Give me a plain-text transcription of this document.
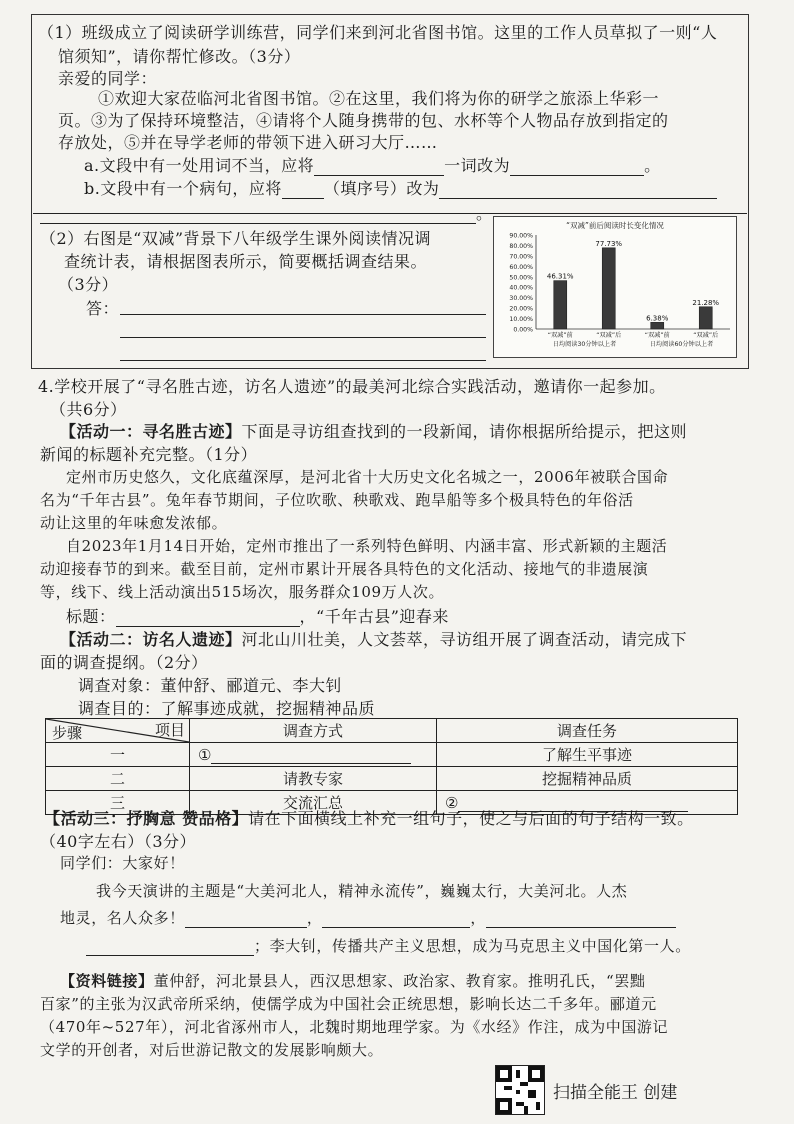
（1）班级成立了阅读研学训练营，同学们来到河北省图书馆。这里的工作人员草拟了一则“人
馆须知”，请你帮忙修改。（3分）
亲爱的同学：
①欢迎大家莅临河北省图书馆。②在这里，我们将为你的研学之旅添上华彩一
页。③为了保持环境整洁，④请将个人随身携带的包、水杯等个人物品存放到指定的
存放处，⑤并在导学老师的带领下进入研习大厅……
a.文段中有一处用词不当，应将	一词改为	。
b.文段中有一个病句，应将	（填序号）改为
。
（2）右图是“双减”背景下八年级学生课外阅读情况调
查统计表，请根据图表所示，简要概括调查结果。
（3分）
答：
“双减”前后阅读时长变化情况
0.00%
10.00%
20.00%
30.00%
40.00%
50.00%
60.00%
70.00%
80.00%
90.00%
46.31%
“双减”前
77.73%
“双减”后
6.38%
“双减”前
21.28%
“双减”后
日均阅读30分钟以上者	日均阅读60分钟以上者
4.学校开展了“寻名胜古迹，访名人遗迹”的最美河北综合实践活动，邀请你一起参加。
（共6分）
【活动一：寻名胜古迹】下面是寻访组查找到的一段新闻，请你根据所给提示，把这则
新闻的标题补充完整。（1分）
定州市历史悠久，文化底蕴深厚，是河北省十大历史文化名城之一，2006年被联合国命
名为“千年古县”。兔年春节期间，子位吹歌、秧歌戏、跑旱船等多个极具特色的年俗活
动让这里的年味愈发浓郁。
自2023年1月14日开始，定州市推出了一系列特色鲜明、内涵丰富、形式新颖的主题活
动迎接春节的到来。截至目前，定州市累计开展各具特色的文化活动、接地气的非遗展演
等，线下、线上活动演出515场次，服务群众109万人次。
标题：	，“千年古县”迎春来
【活动二：访名人遗迹】河北山川壮美，人文荟萃，寻访组开展了调查活动，请完成下
面的调查提纲。（2分）
调查对象：董仲舒、郦道元、李大钊
调查目的：了解事迹成就，挖掘精神品质
项目
步骤	调查方式	调查任务
一	①	了解生平事迹
二	请教专家	挖掘精神品质
三	交流汇总	②
【活动三：抒胸意 赞品格】请在下面横线上补充一组句子，使之与后面的句子结构一致。
（40字左右）（3分）
同学们：大家好！
我今天演讲的主题是“大美河北人，精神永流传”，巍巍太行，大美河北。人杰
地灵，名人众多！	，	，
；李大钊，传播共产主义思想，成为马克思主义中国化第一人。
【资料链接】董仲舒，河北景县人，西汉思想家、政治家、教育家。推明孔氏，“罢黜
百家”的主张为汉武帝所采纳，使儒学成为中国社会正统思想，影响长达二千多年。郦道元
（470年~527年），河北省涿州市人，北魏时期地理学家。为《水经》作注，成为中国游记
文学的开创者，对后世游记散文的发展影响颇大。
扫描全能王 创建
